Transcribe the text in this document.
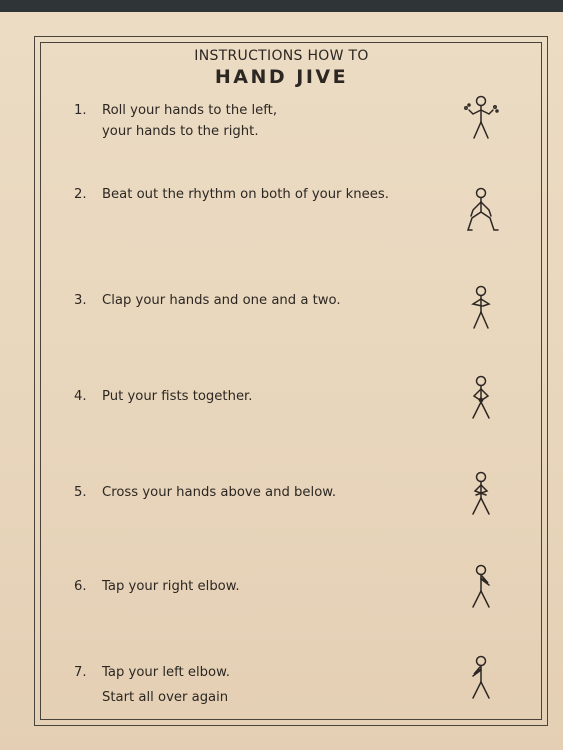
INSTRUCTIONS HOW TO
HAND JIVE
1. Roll your hands to the left,
your hands to the right.
2. Beat out the rhythm on both of your knees.
3. Clap your hands and one and a two.
4. Put your fists together.
5. Cross your hands above and below.
6. Tap your right elbow.
7. Tap your left elbow.
Start all over again
